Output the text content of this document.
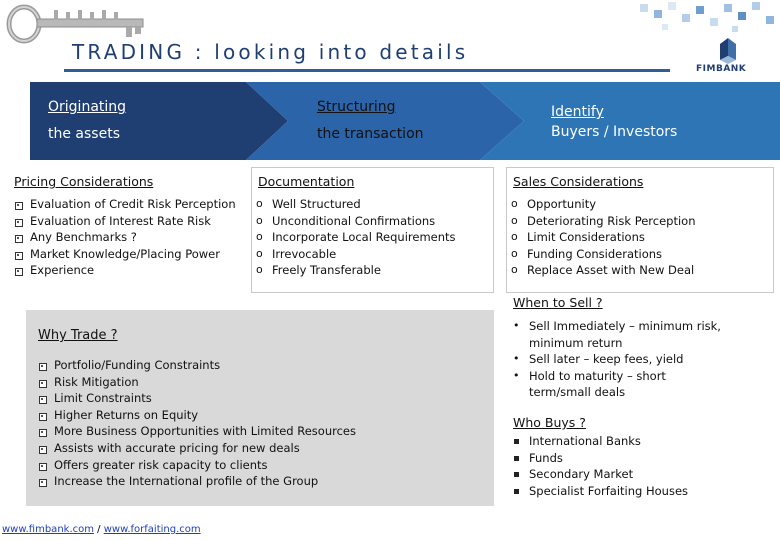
FIMBANK
TRADING : looking into details
Originating
the assets
Structuring
the transaction
Identify
Buyers / Investors
Pricing Considerations
Evaluation of Credit Risk Perception
Evaluation of Interest Rate Risk
Any Benchmarks ?
Market Knowledge/Placing Power
Experience
Documentation
o Well Structured
o Unconditional Confirmations
o Incorporate Local Requirements
o Irrevocable
o Freely Transferable
Sales Considerations
o Opportunity
o Deteriorating Risk Perception
o Limit Considerations
o Funding Considerations
o Replace Asset with New Deal
When to Sell ?
• Sell Immediately – minimum risk,
minimum return
• Sell later – keep fees, yield
• Hold to maturity – short
term/small deals
Who Buys ?
International Banks
Funds
Secondary Market
Specialist Forfaiting Houses
Why Trade ?
Portfolio/Funding Constraints
Risk Mitigation
Limit Constraints
Higher Returns on Equity
More Business Opportunities with Limited Resources
Assists with accurate pricing for new deals
Offers greater risk capacity to clients
Increase the International profile of the Group
www.fimbank.com / www.forfaiting.com
